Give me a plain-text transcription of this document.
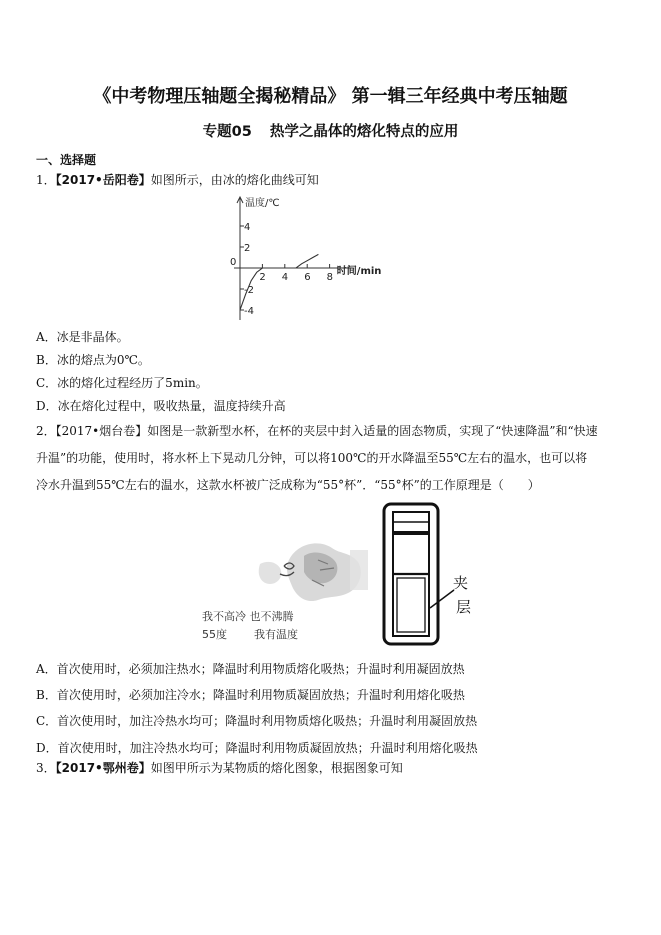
《中考物理压轴题全揭秘精品》 第一辑三年经典中考压轴题
专题05 热学之晶体的熔化特点的应用
一、选择题
1．【2017•岳阳卷】如图所示，由冰的熔化曲线可知
4
2
0
-2
-4
2 4 6 8
温度/℃
时间/min
A．冰是非晶体。
B．冰的熔点为0℃。
C．冰的熔化过程经历了5min。
D．冰在熔化过程中，吸收热量，温度持续升高
2．【2017•烟台卷】如图是一款新型水杯，在杯的夹层中封入适量的固态物质，实现了“快速降温”和“快速
升温”的功能，使用时，将水杯上下晃动几分钟，可以将100℃的开水降温至55℃左右的温水，也可以将
冷水升温到55℃左右的温水，这款水杯被广泛成称为“55°杯”．“55°杯”的工作原理是（　　）
我不高冷 也不沸腾
55度 我有温度
夹
层
A．首次使用时，必须加注热水；降温时利用物质熔化吸热；升温时利用凝固放热
B．首次使用时，必须加注冷水；降温时利用物质凝固放热；升温时利用熔化吸热
C．首次使用时，加注冷热水均可；降温时利用物质熔化吸热；升温时利用凝固放热
D．首次使用时，加注冷热水均可；降温时利用物质凝固放热；升温时利用熔化吸热
3．【2017•鄂州卷】如图甲所示为某物质的熔化图象，根据图象可知
